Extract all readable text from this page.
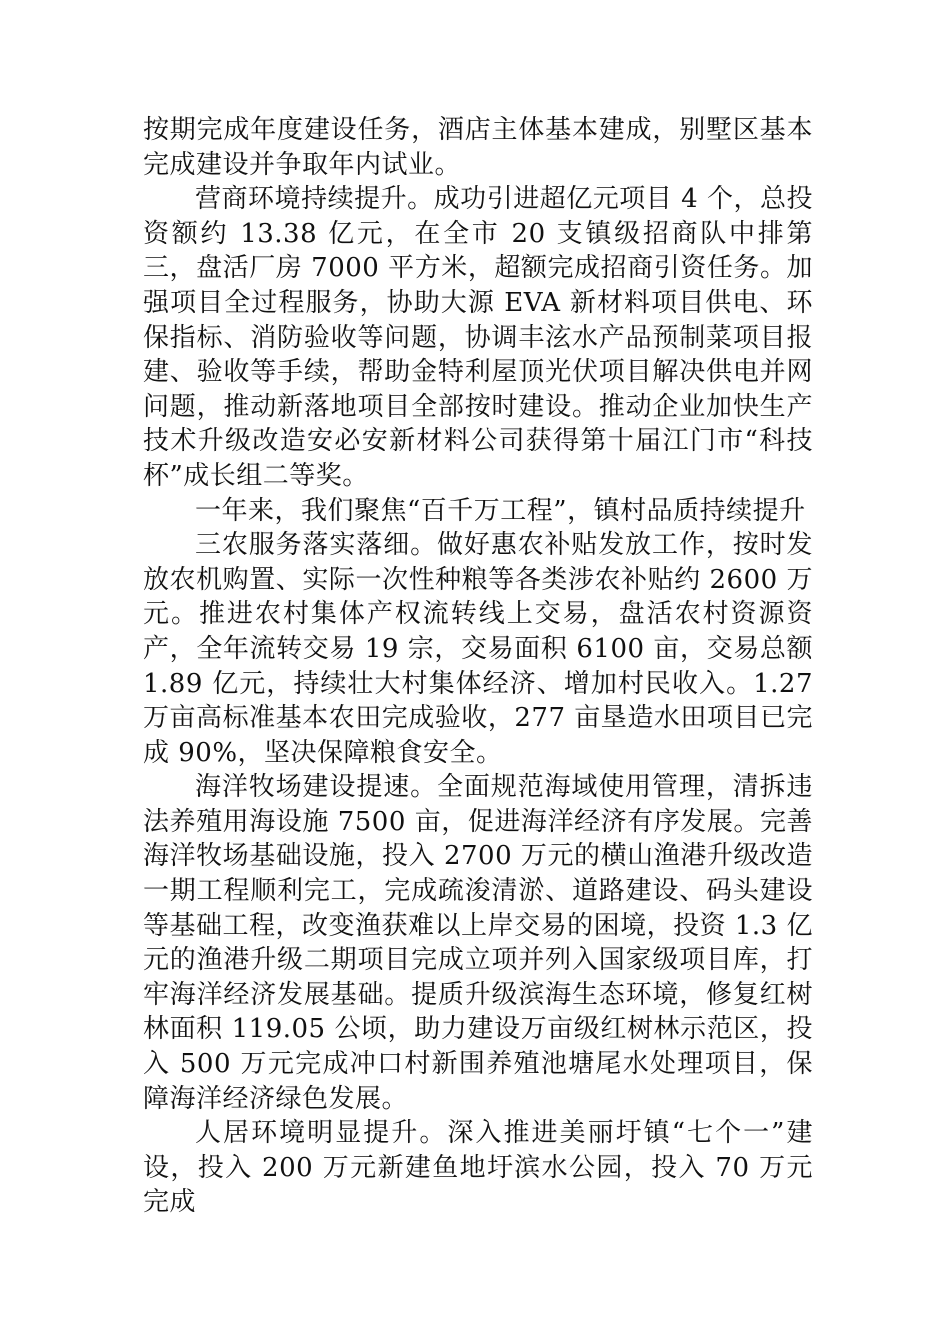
按期完成年度建设任务，酒店主体基本建成，别墅区基本完成建设并争取年内试业。

营商环境持续提升。成功引进超亿元项目 4 个，总投资额约 13.38 亿元，在全市 20 支镇级招商队中排第三，盘活厂房 7000 平方米，超额完成招商引资任务。加强项目全过程服务，协助大源 EVA 新材料项目供电、环保指标、消防验收等问题，协调丰泫水产品预制菜项目报建、验收等手续，帮助金特利屋顶光伏项目解决供电并网问题，推动新落地项目全部按时建设。推动企业加快生产技术升级改造安必安新材料公司获得第十届江门市“科技杯”成长组二等奖。

一年来，我们聚焦“百千万工程”，镇村品质持续提升

三农服务落实落细。做好惠农补贴发放工作，按时发放农机购置、实际一次性种粮等各类涉农补贴约 2600 万元。推进农村集体产权流转线上交易，盘活农村资源资产，全年流转交易 19 宗，交易面积 6100 亩，交易总额 1.89 亿元，持续壮大村集体经济、增加村民收入。1.27 万亩高标准基本农田完成验收，277 亩垦造水田项目已完成 90%，坚决保障粮食安全。

海洋牧场建设提速。全面规范海域使用管理，清拆违法养殖用海设施 7500 亩，促进海洋经济有序发展。完善海洋牧场基础设施，投入 2700 万元的横山渔港升级改造一期工程顺利完工，完成疏浚清淤、道路建设、码头建设等基础工程，改变渔获难以上岸交易的困境，投资 1.3 亿元的渔港升级二期项目完成立项并列入国家级项目库，打牢海洋经济发展基础。提质升级滨海生态环境，修复红树林面积 119.05 公顷，助力建设万亩级红树林示范区，投入 500 万元完成冲口村新围养殖池塘尾水处理项目，保障海洋经济绿色发展。

人居环境明显提升。深入推进美丽圩镇“七个一”建设，投入 200 万元新建鱼地圩滨水公园，投入 70 万元完成
